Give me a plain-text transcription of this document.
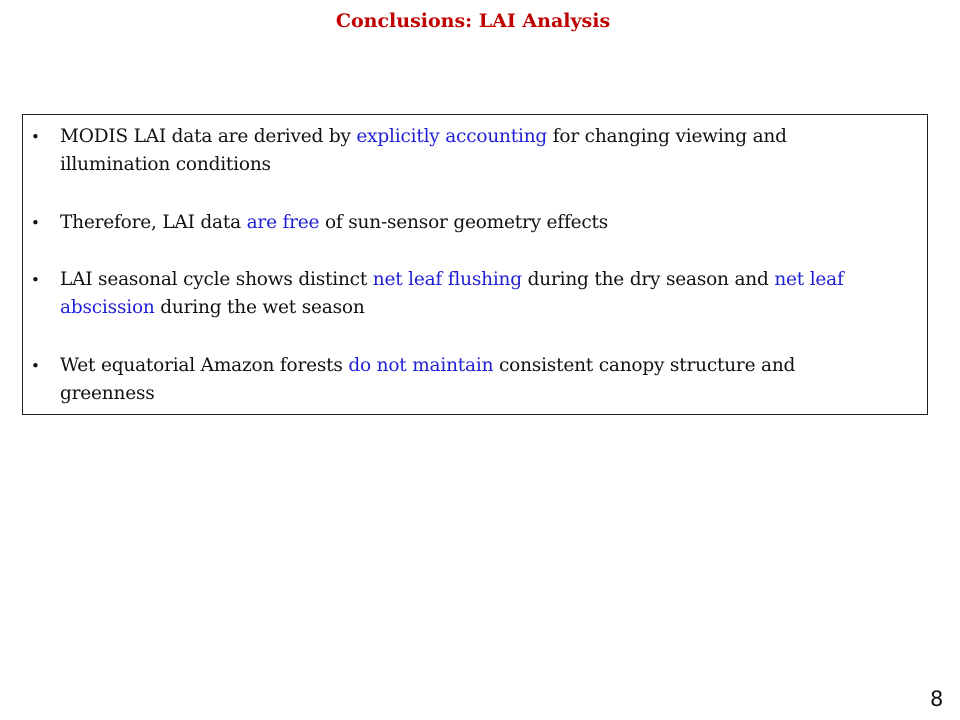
Conclusions: LAI Analysis
• MODIS LAI data are derived by explicitly accounting for changing viewing and illumination conditions
• Therefore, LAI data are free of sun-sensor geometry effects
• LAI seasonal cycle shows distinct net leaf flushing during the dry season and net leaf abscission during the wet season
• Wet equatorial Amazon forests do not maintain consistent canopy structure and greenness
8
